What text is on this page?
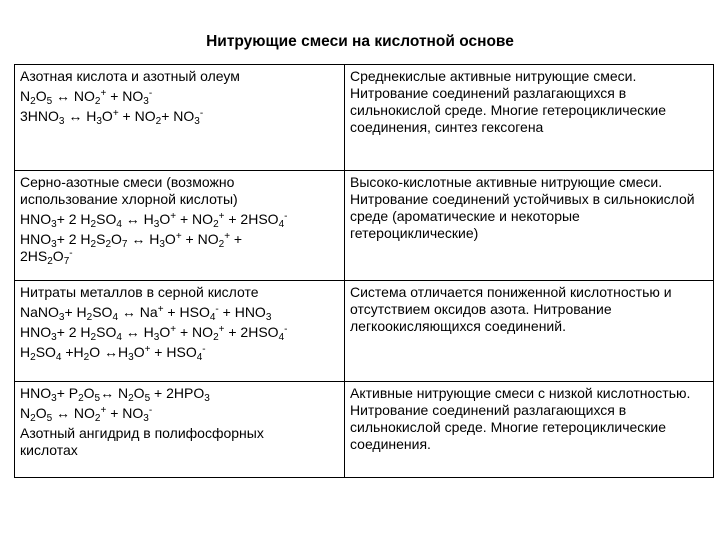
Нитрующие смеси на кислотной основе
Азотная кислота и азотный олеум
$N_2O_5$ ↔ $NO_2^+ + NO_3^-$
$3HNO_3$ ↔ $H_3O^+ + NO_2+ NO_3^-$	Среднекислые активные нитрующие смеси. Нитрование соединений разлагающихся в сильнокислой среде. Многие гетероциклические соединения, синтез гексогена

Серно-азотные смеси (возможно
использование хлорной кислоты)
$HNO_3+ 2$ $H_2SO_4$ ↔ $H_3O^+ + NO_2^+ + 2HSO_4^-$
$HNO_3+ 2$ $H_2S_2O_7$ ↔ $H_3O^+ + NO_2^+$ +
$2HS_2O_7^-$	Высоко-кислотные активные нитрующие смеси. Нитрование соединений устойчивых в сильнокислой среде (ароматические и некоторые гетероциклические)

Нитраты металлов в серной кислоте
NaNO$_3$+ $H_2SO_4$ ↔ $Na^+ + HSO_4^- + HNO_3$
$HNO_3+ 2$ $H_2SO_4$ ↔ $H_3O^+ + NO_2^+ + 2HSO_4^-$
$H_2SO_4 +H_2O$ $\leftrightarrow H_3O^+ + HSO_4^-$	Система отличается пониженной кислотностью и отсутствием оксидов азота. Нитрование легкоокисляющихся соединений.

$HNO_3+$ $P_2O_5\leftrightarrow$ $N_2O_5 + 2HPO_3$
$N_2O_5$ ↔ $NO_2^+ + NO_3^-$
Азотный ангидрид в полифосфорных
кислотах	Активные нитрующие смеси с низкой кислотностью. Нитрование соединений разлагающихся в сильнокислой среде. Многие гетероциклические соединения.
